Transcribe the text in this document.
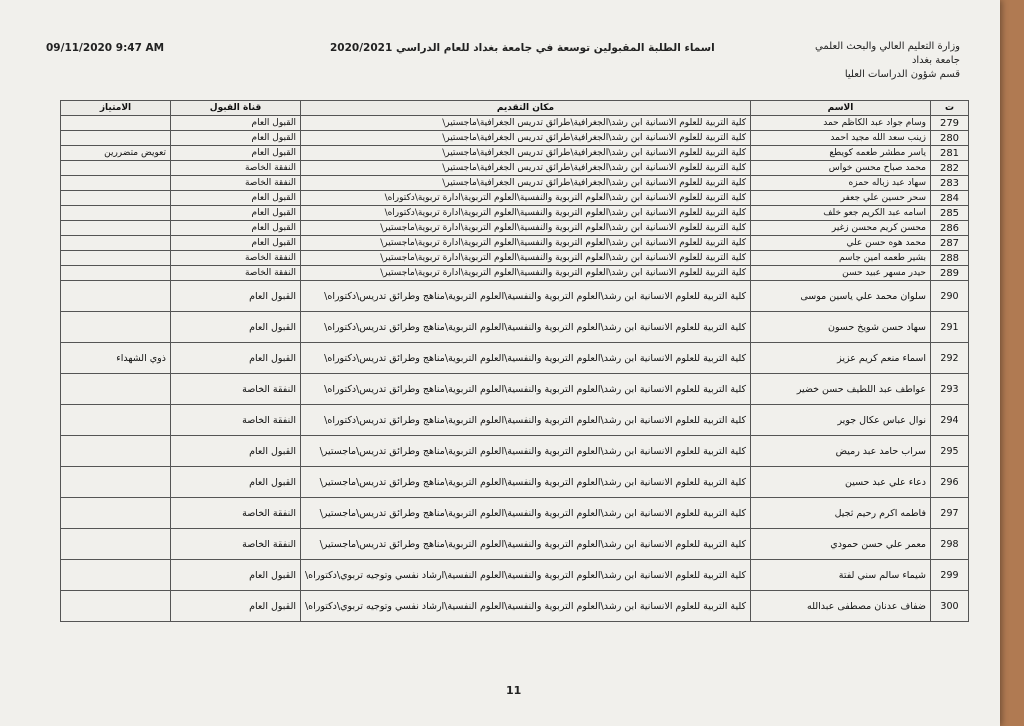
وزارة التعليم العالي والبحث العلمي
جامعة بغداد
قسم شؤون الدراسات العليا
اسماء الطلبة المقبولين توسعة في جامعة بغداد للعام الدراسي 2020/2021
09/11/2020 9:47 AM
ت	الاسم	مكان التقديم	قناة القبول	الامتياز
279	وسام جواد عبد الكاظم حمد	كلية التربية للعلوم الانسانية ابن رشد\الجغرافية\طرائق تدريس الجغرافية\ماجستير\	القبول العام	
280	زينب سعد الله مجيد احمد	كلية التربية للعلوم الانسانية ابن رشد\الجغرافية\طرائق تدريس الجغرافية\ماجستير\	القبول العام	
281	ياسر مطشر طعمه كويطع	كلية التربية للعلوم الانسانية ابن رشد\الجغرافية\طرائق تدريس الجغرافية\ماجستير\	القبول العام	تعويض متضررين
282	محمد صباح محسن خواس	كلية التربية للعلوم الانسانية ابن رشد\الجغرافية\طرائق تدريس الجغرافية\ماجستير\	النفقة الخاصة	
283	سهاد عبد زباله حمزه	كلية التربية للعلوم الانسانية ابن رشد\الجغرافية\طرائق تدريس الجغرافية\ماجستير\	النفقة الخاصة	
284	سحر حسين علي جعفر	كلية التربية للعلوم الانسانية ابن رشد\العلوم التربوية والنفسية\العلوم التربوية\ادارة تربوية\دكتوراه\	القبول العام	
285	اسامه عبد الكريم جعو خلف	كلية التربية للعلوم الانسانية ابن رشد\العلوم التربوية والنفسية\العلوم التربوية\ادارة تربوية\دكتوراه\	القبول العام	
286	محسن كريم محسن زغير	كلية التربية للعلوم الانسانية ابن رشد\العلوم التربوية والنفسية\العلوم التربوية\ادارة تربوية\ماجستير\	القبول العام	
287	محمد هوه حسن علي	كلية التربية للعلوم الانسانية ابن رشد\العلوم التربوية والنفسية\العلوم التربوية\ادارة تربوية\ماجستير\	القبول العام	
288	بشير طعمه امين جاسم	كلية التربية للعلوم الانسانية ابن رشد\العلوم التربوية والنفسية\العلوم التربوية\ادارة تربوية\ماجستير\	النفقة الخاصة	
289	حيدر مسهر عبيد حسن	كلية التربية للعلوم الانسانية ابن رشد\العلوم التربوية والنفسية\العلوم التربوية\ادارة تربوية\ماجستير\	النفقة الخاصة	
290	سلوان محمد علي ياسين موسى	كلية التربية للعلوم الانسانية ابن رشد\العلوم التربوية والنفسية\العلوم التربوية\مناهج وطرائق تدريس\دكتوراه\	القبول العام	
291	سهاد حسن شويخ حسون	كلية التربية للعلوم الانسانية ابن رشد\العلوم التربوية والنفسية\العلوم التربوية\مناهج وطرائق تدريس\دكتوراه\	القبول العام	
292	اسماء منعم كريم عزيز	كلية التربية للعلوم الانسانية ابن رشد\العلوم التربوية والنفسية\العلوم التربوية\مناهج وطرائق تدريس\دكتوراه\	القبول العام	ذوي الشهداء
293	عواطف عبد اللطيف حسن خضير	كلية التربية للعلوم الانسانية ابن رشد\العلوم التربوية والنفسية\العلوم التربوية\مناهج وطرائق تدريس\دكتوراه\	النفقة الخاصة	
294	نوال عباس عكال جوير	كلية التربية للعلوم الانسانية ابن رشد\العلوم التربوية والنفسية\العلوم التربوية\مناهج وطرائق تدريس\دكتوراه\	النفقة الخاصة	
295	سراب حامد عبد رميض	كلية التربية للعلوم الانسانية ابن رشد\العلوم التربوية والنفسية\العلوم التربوية\مناهج وطرائق تدريس\ماجستير\	القبول العام	
296	دعاء علي عبد حسين	كلية التربية للعلوم الانسانية ابن رشد\العلوم التربوية والنفسية\العلوم التربوية\مناهج وطرائق تدريس\ماجستير\	القبول العام	
297	فاطمه اكرم رحيم ثجيل	كلية التربية للعلوم الانسانية ابن رشد\العلوم التربوية والنفسية\العلوم التربوية\مناهج وطرائق تدريس\ماجستير\	النفقة الخاصة	
298	معمر علي حسن حمودي	كلية التربية للعلوم الانسانية ابن رشد\العلوم التربوية والنفسية\العلوم التربوية\مناهج وطرائق تدريس\ماجستير\	النفقة الخاصة	
299	شيماء سالم سني لفتة	كلية التربية للعلوم الانسانية ابن رشد\العلوم التربوية والنفسية\العلوم النفسية\ارشاد نفسي وتوجيه تربوي\دكتوراه\	القبول العام	
300	ضفاف عدنان مصطفى عبدالله	كلية التربية للعلوم الانسانية ابن رشد\العلوم التربوية والنفسية\العلوم النفسية\ارشاد نفسي وتوجيه تربوي\دكتوراه\	القبول العام	
11
